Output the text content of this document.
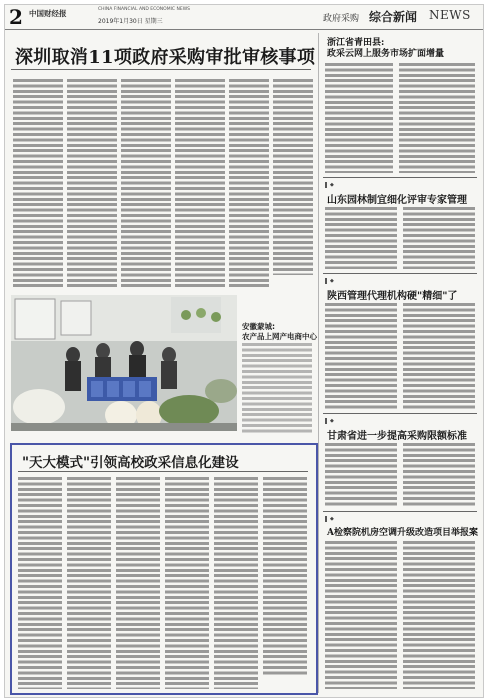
2 中国财经报	CHINA FINANCIAL AND ECONOMIC NEWS
2019年1月30日 星期三	政府采购 综合新闻 NEWS
深圳取消11项政府采购审批审核事项
浙江省青田县:
政采云网上服务市场扩面增量
◆
山东园林制宜细化评审专家管理
◆
陕西管理代理机构硬"精细"了
◆
甘肃省进一步提高采购限额标准
◆
A检察院机房空调升级改造项目举报案
安徽蒙城:
农产品上网产电商中心
"天大模式"引领高校政采信息化建设
